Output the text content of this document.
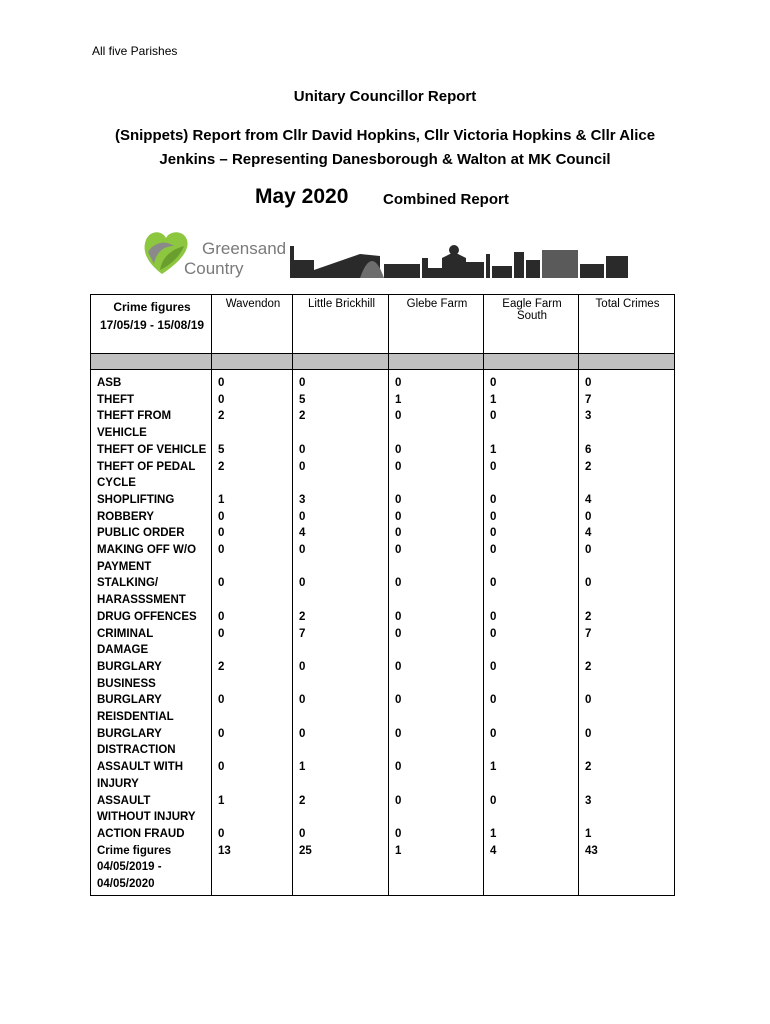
All five Parishes
Unitary Councillor Report
(Snippets) Report from Cllr David Hopkins, Cllr Victoria Hopkins & Cllr Alice Jenkins – Representing Danesborough & Walton at MK Council
May 2020 Combined Report
Greensand
Country
Crime figures 17/05/19 - 15/08/19	Wavendon	Little Brickhill	Glebe Farm	Eagle Farm South	Total Crimes

ASB	0	0	0	0	0
THEFT	0	5	1	1	7
THEFT FROM VEHICLE	2	2	0	0	3
THEFT OF VEHICLE	5	0	0	1	6
THEFT OF PEDAL CYCLE	2	0	0	0	2
SHOPLIFTING	1	3	0	0	4
ROBBERY	0	0	0	0	0
PUBLIC ORDER	0	4	0	0	4
MAKING OFF W/O PAYMENT	0	0	0	0	0
STALKING/ HARASSSMENT	0	0	0	0	0
DRUG OFFENCES	0	2	0	0	2
CRIMINAL DAMAGE	0	7	0	0	7
BURGLARY BUSINESS	2	0	0	0	2
BURGLARY REISDENTIAL	0	0	0	0	0
BURGLARY DISTRACTION	0	0	0	0	0
ASSAULT WITH INJURY	0	1	0	1	2
ASSAULT WITHOUT INJURY	1	2	0	0	3
ACTION FRAUD	0	0	0	1	1
Crime figures 04/05/2019 - 04/05/2020	13	25	1	4	43
